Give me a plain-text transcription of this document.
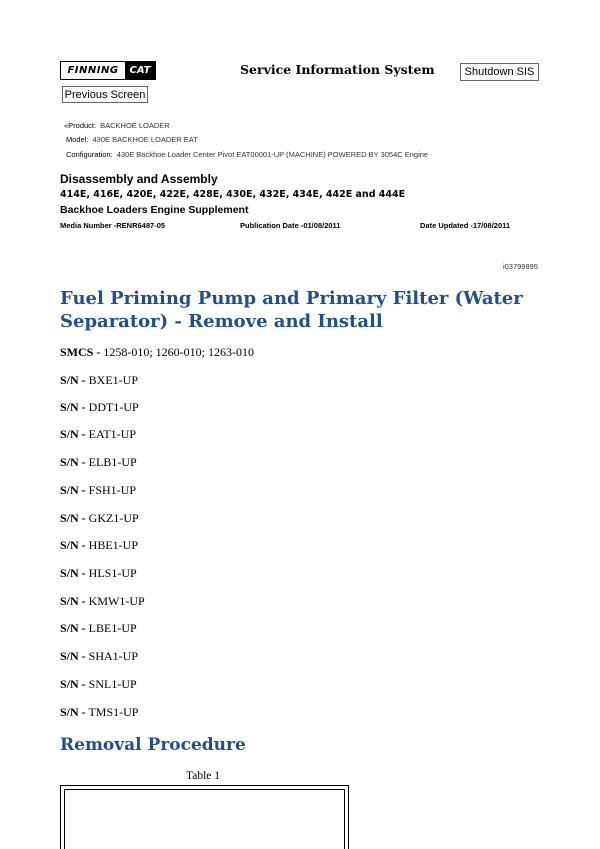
FINNING	CAT	Service Information System	Shutdown SIS
Previous Screen
«Product: BACKHOE LOADER
Model: 430E BACKHOE LOADER EAT
Configuration: 430E Backhoe Loader Center Pivot EAT00001-UP (MACHINE) POWERED BY 3054C Engine
Disassembly and Assembly
414E, 416E, 420E, 422E, 428E, 430E, 432E, 434E, 442E and 444E
Backhoe Loaders Engine Supplement
Media Number -RENR6487-05	Publication Date -01/08/2011	Date Updated -17/08/2011
i03799895
Fuel Priming Pump and Primary Filter (Water Separator) - Remove and Install
SMCS - 1258-010; 1260-010; 1263-010
S/N - BXE1-UP
S/N - DDT1-UP
S/N - EAT1-UP
S/N - ELB1-UP
S/N - FSH1-UP
S/N - GKZ1-UP
S/N - HBE1-UP
S/N - HLS1-UP
S/N - KMW1-UP
S/N - LBE1-UP
S/N - SHA1-UP
S/N - SNL1-UP
S/N - TMS1-UP
Removal Procedure
Table 1
